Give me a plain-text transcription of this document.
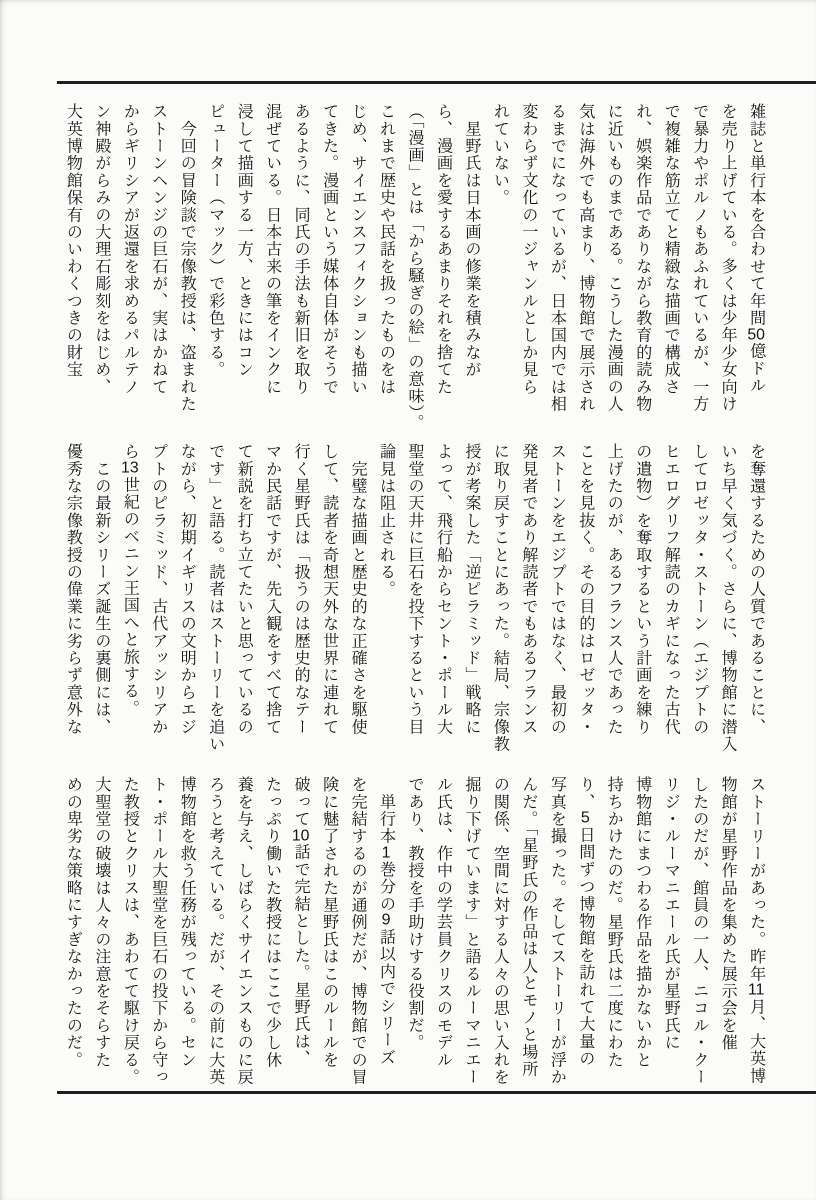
雑誌と単行本を合わせて年間50億ドル
を売り上げている。多くは少年少女向け
で暴力やポルノもあふれているが、一方
で複雑な筋立てと精緻な描画で構成さ
れ、娯楽作品でありながら教育的読み物
に近いものまである。こうした漫画の人
気は海外でも高まり、博物館で展示され
るまでになっているが、日本国内では相
変わらず文化の一ジャンルとしか見ら
れていない。
　星野氏は日本画の修業を積みなが
ら、漫画を愛するあまりそれを捨てた
（「漫画」とは「から騒ぎの絵」の意味）。
これまで歴史や民話を扱ったものをは
じめ、サイエンスフィクションも描い
てきた。漫画という媒体自体がそうで
あるように、同氏の手法も新旧を取り
混ぜている。日本古来の筆をインクに
浸して描画する一方、ときにはコン
ピューター（マック）で彩色する。
　今回の冒険談で宗像教授は、盗まれた
ストーンヘンジの巨石が、実はかねて
からギリシアが返還を求めるパルテノ
ン神殿がらみの大理石彫刻をはじめ、
大英博物館保有のいわくつきの財宝
を奪還するための人質であることに、
いち早く気づく。さらに、博物館に潜入
してロゼッタ・ストーン（エジプトの
ヒエログリフ解読のカギになった古代
の遺物）を奪取するという計画を練り
上げたのが、あるフランス人であった
ことを見抜く。その目的はロゼッタ・
ストーンをエジプトではなく、最初の
発見者であり解読者でもあるフランス
に取り戻すことにあった。結局、宗像教
授が考案した「逆ピラミッド」戦略に
よって、飛行船からセント・ポール大
聖堂の天井に巨石を投下するという目
論見は阻止される。
　完璧な描画と歴史的な正確さを駆使
して、読者を奇想天外な世界に連れて
行く星野氏は「扱うのは歴史的なテー
マか民話ですが、先入観をすべて捨て
て新説を打ち立てたいと思っているの
です」と語る。読者はストーリーを追い
ながら、初期イギリスの文明からエジ
プトのピラミッド、古代アッシリアか
ら13世紀のベニン王国へと旅する。
　この最新シリーズ誕生の裏側には、
優秀な宗像教授の偉業に劣らず意外な
ストーリーがあった。昨年11月、大英博
物館が星野作品を集めた展示会を催
したのだが、館員の一人、ニコル・クー
リジ・ルーマニエール氏が星野氏に
博物館にまつわる作品を描かないかと
持ちかけたのだ。星野氏は二度にわた
り、5日間ずつ博物館を訪れて大量の
写真を撮った。そしてストーリーが浮か
んだ。「星野氏の作品は人とモノと場所
の関係、空間に対する人々の思い入れを
掘り下げています」と語るルーマニエー
ル氏は、作中の学芸員クリスのモデル
であり、教授を手助けする役割だ。
　単行本1巻分の9話以内でシリーズ
を完結するのが通例だが、博物館での冒
険に魅了された星野氏はこのルールを
破って10話で完結とした。星野氏は、
たっぷり働いた教授にはここで少し休
養を与え、しばらくサイエンスものに戻
ろうと考えている。だが、その前に大英
博物館を救う任務が残っている。セン
ト・ポール大聖堂を巨石の投下から守っ
た教授とクリスは、あわてて駆け戻る。
大聖堂の破壊は人々の注意をそらすた
めの卑劣な策略にすぎなかったのだ。
